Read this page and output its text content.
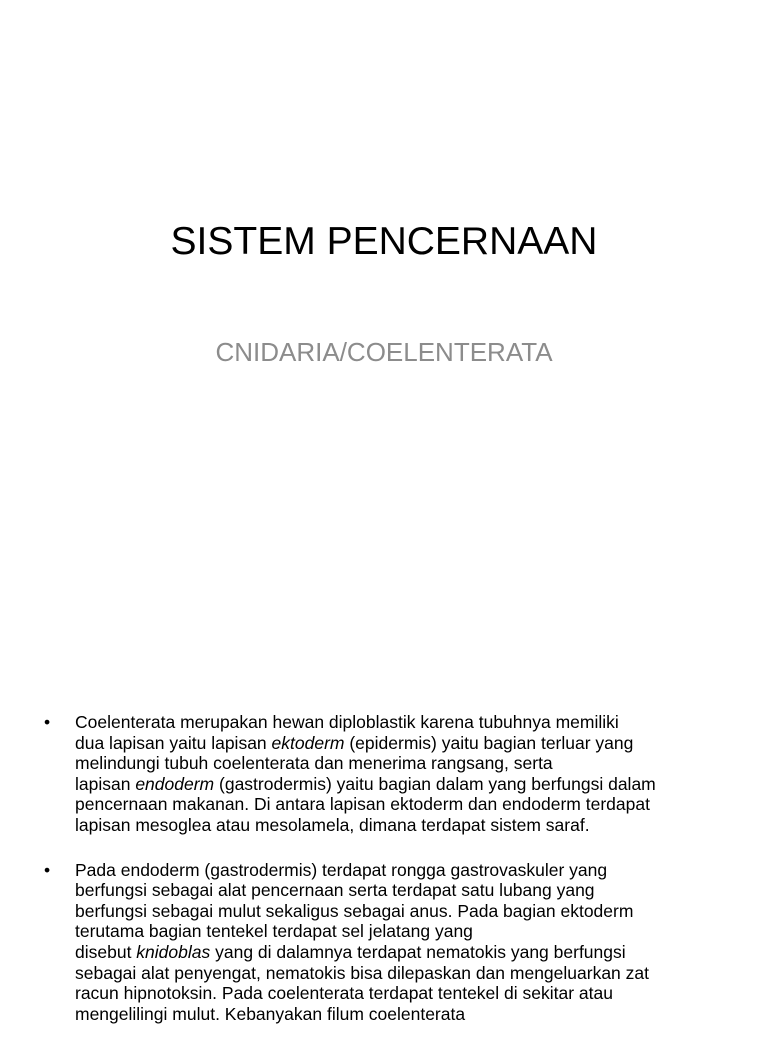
SISTEM PENCERNAAN
CNIDARIA/COELENTERATA
• Coelenterata merupakan hewan diploblastik karena tubuhnya memiliki
dua lapisan yaitu lapisan ektoderm (epidermis) yaitu bagian terluar yang
melindungi tubuh coelenterata dan menerima rangsang, serta
lapisan endoderm (gastrodermis) yaitu bagian dalam yang berfungsi dalam
pencernaan makanan. Di antara lapisan ektoderm dan endoderm terdapat
lapisan mesoglea atau mesolamela, dimana terdapat sistem saraf.
• Pada endoderm (gastrodermis) terdapat rongga gastrovaskuler yang
berfungsi sebagai alat pencernaan serta terdapat satu lubang yang
berfungsi sebagai mulut sekaligus sebagai anus. Pada bagian ektoderm
terutama bagian tentekel terdapat sel jelatang yang
disebut knidoblas yang di dalamnya terdapat nematokis yang berfungsi
sebagai alat penyengat, nematokis bisa dilepaskan dan mengeluarkan zat
racun hipnotoksin. Pada coelenterata terdapat tentekel di sekitar atau
mengelilingi mulut. Kebanyakan filum coelenterata
